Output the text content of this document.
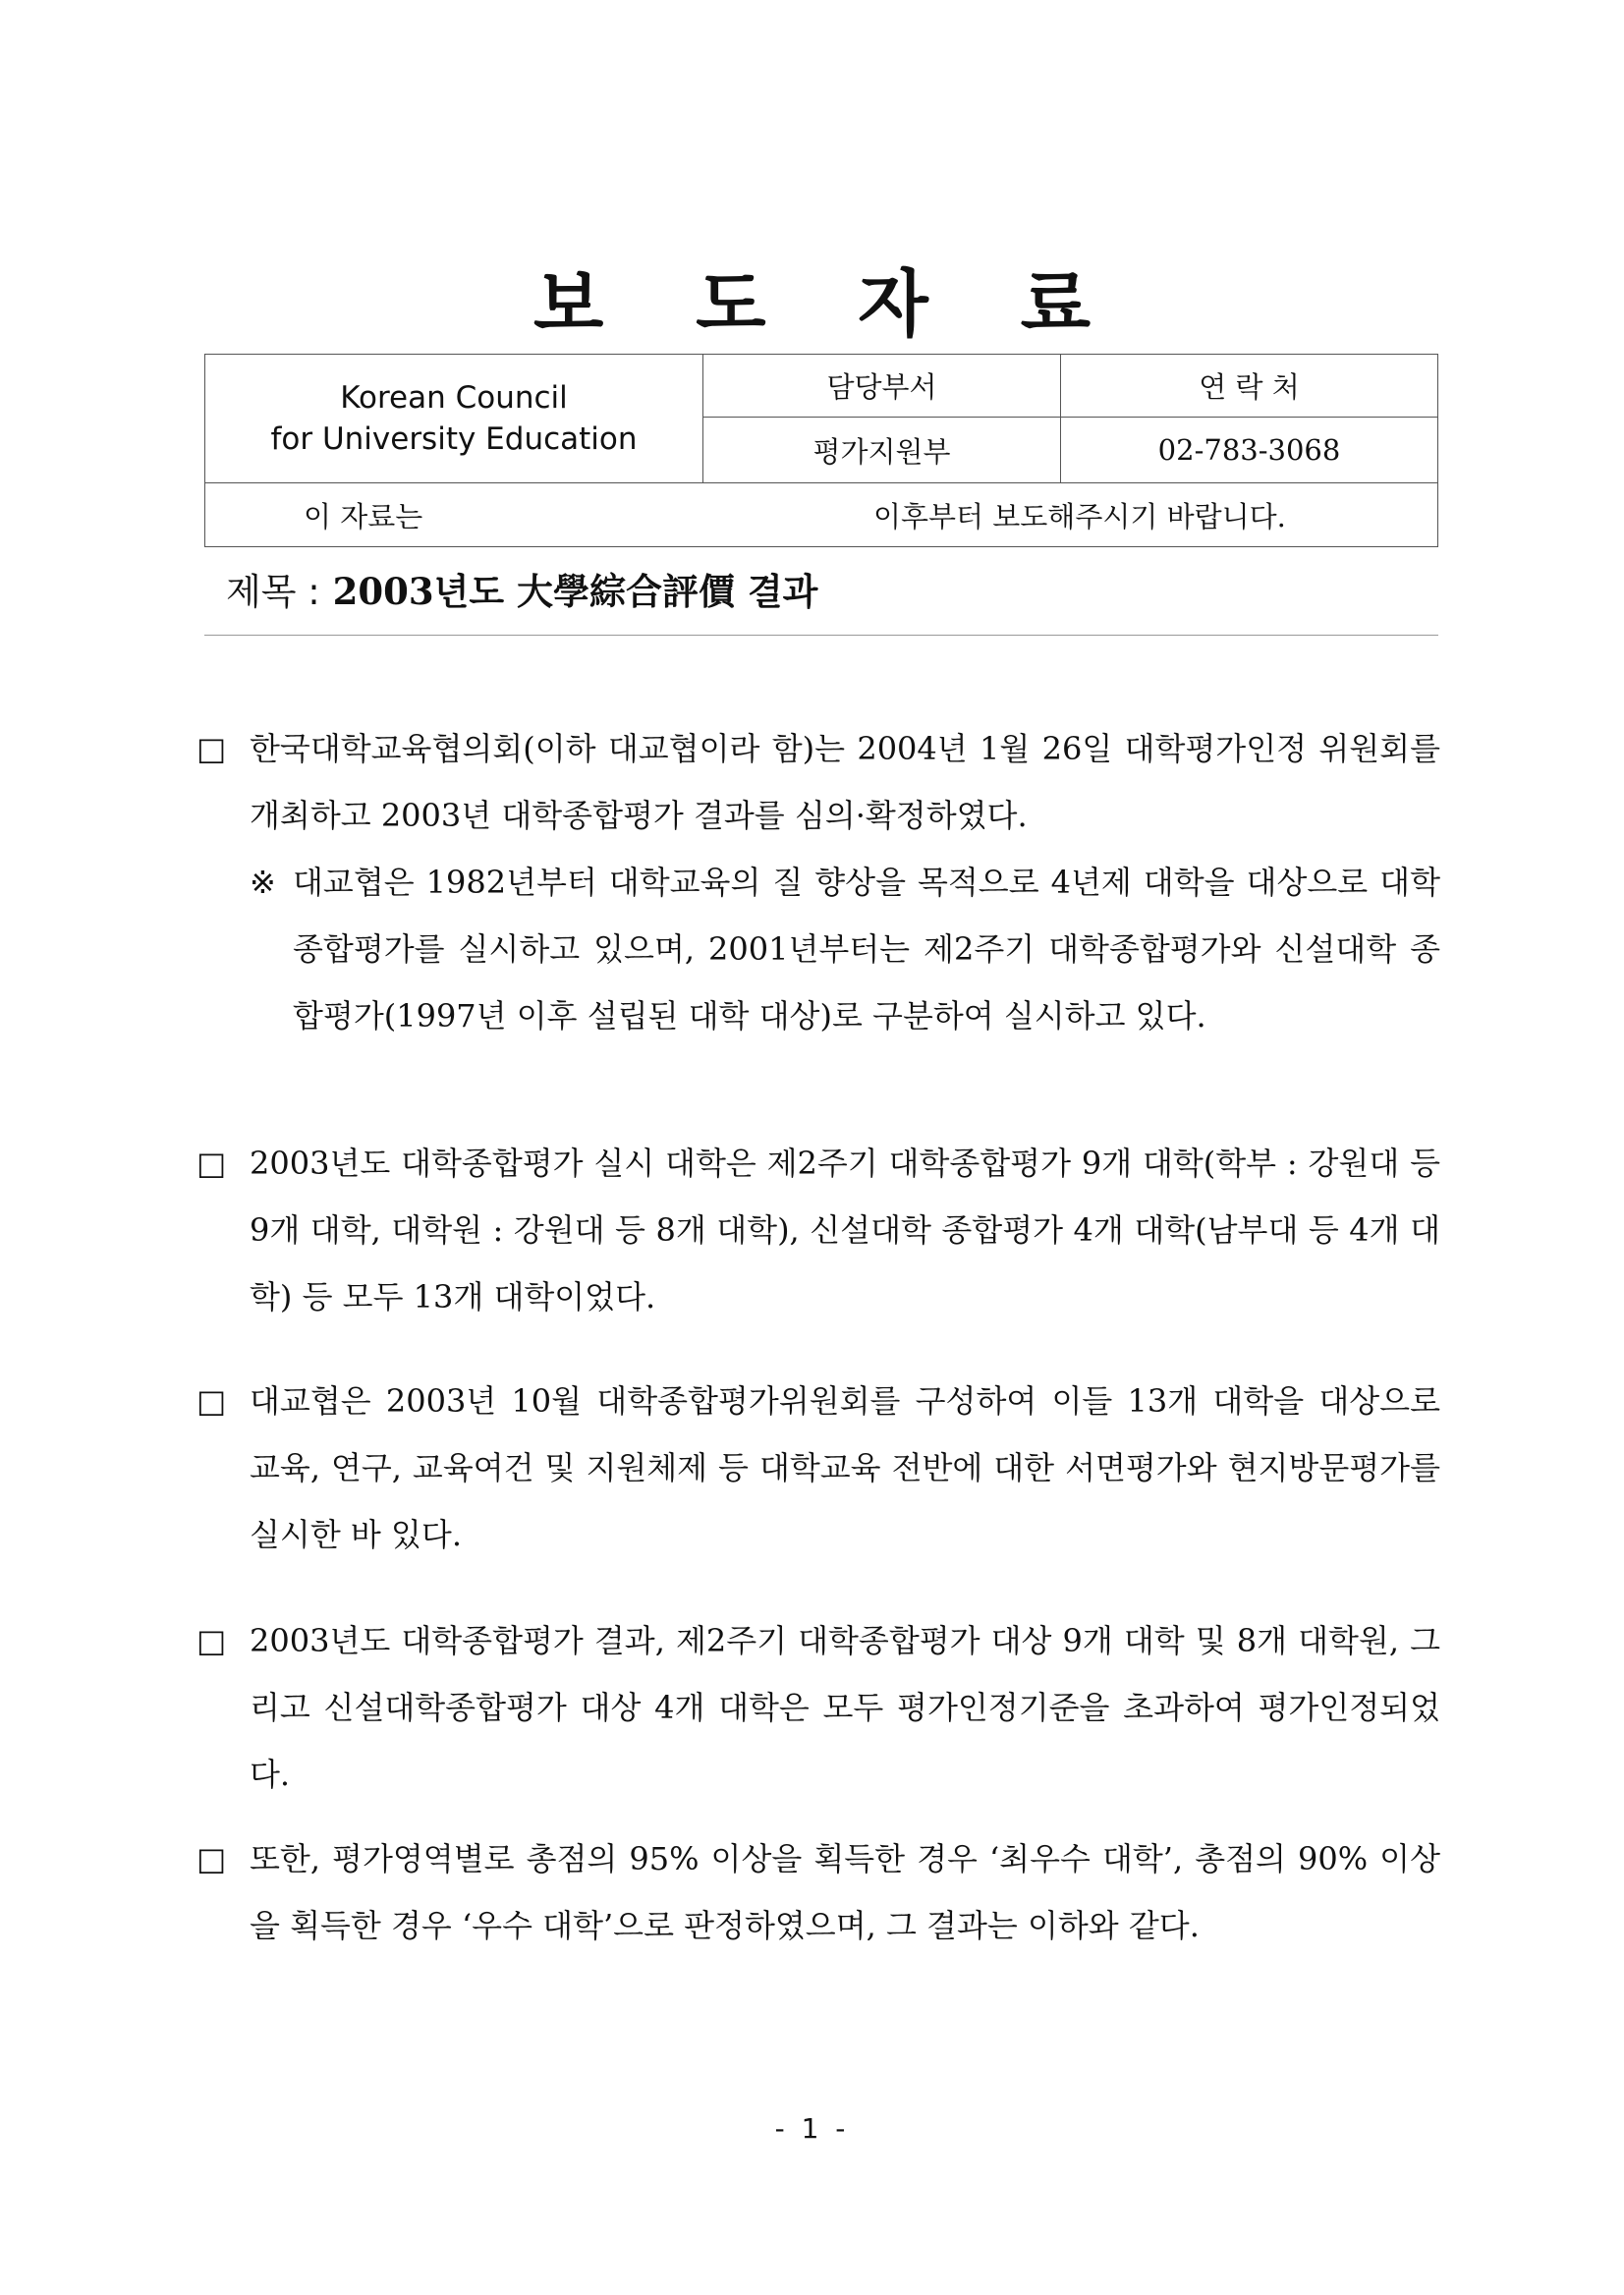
보 도 자 료
Korean Council
for University Education	담당부서	연 락 처
	평가지원부	02-783-3068

이 자료는 이후부터 보도해주시기 바랍니다.		
제목 : 2003년도 大學綜合評價 결과
□ 한국대학교육협의회(이하 대교협이라 함)는 2004년 1월 26일 대학평가인정 위원회를 개최하고 2003년 대학종합평가 결과를 심의·확정하였다.
※ 대교협은 1982년부터 대학교육의 질 향상을 목적으로 4년제 대학을 대상으로 대학종합평가를 실시하고 있으며, 2001년부터는 제2주기 대학종합평가와 신설대학 종합평가(1997년 이후 설립된 대학 대상)로 구분하여 실시하고 있다.
□ 2003년도 대학종합평가 실시 대학은 제2주기 대학종합평가 9개 대학(학부 : 강원대 등 9개 대학, 대학원 : 강원대 등 8개 대학), 신설대학 종합평가 4개 대학(남부대 등 4개 대학) 등 모두 13개 대학이었다.
□ 대교협은 2003년 10월 대학종합평가위원회를 구성하여 이들 13개 대학을 대상으로 교육, 연구, 교육여건 및 지원체제 등 대학교육 전반에 대한 서면평가와 현지방문평가를 실시한 바 있다.
□ 2003년도 대학종합평가 결과, 제2주기 대학종합평가 대상 9개 대학 및 8개 대학원, 그리고 신설대학종합평가 대상 4개 대학은 모두 평가인정기준을 초과하여 평가인정되었다.
□ 또한, 평가영역별로 총점의 95% 이상을 획득한 경우 ‘최우수 대학’, 총점의 90% 이상을 획득한 경우 ‘우수 대학’으로 판정하였으며, 그 결과는 이하와 같다.
- 1 -
